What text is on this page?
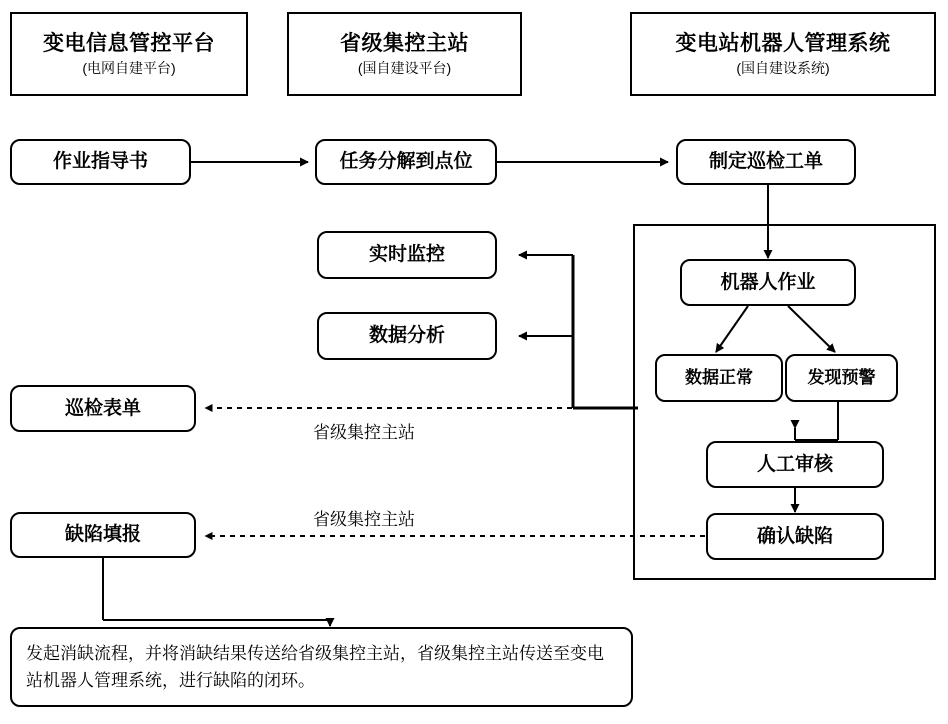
变电信息管控平台
(电网自建平台)
省级集控主站
(国自建设平台)
变电站机器人管理系统
(国自建设系统)
作业指导书	任务分解到点位	制定巡检工单
实时监控
数据分析
巡检表单
缺陷填报
机器人作业
数据正常	发现预警
人工审核
确认缺陷
发起消缺流程，并将消缺结果传送给省级集控主站，省级集控主站传送至变电站机器人管理系统，进行缺陷的闭环。
省级集控主站
省级集控主站
